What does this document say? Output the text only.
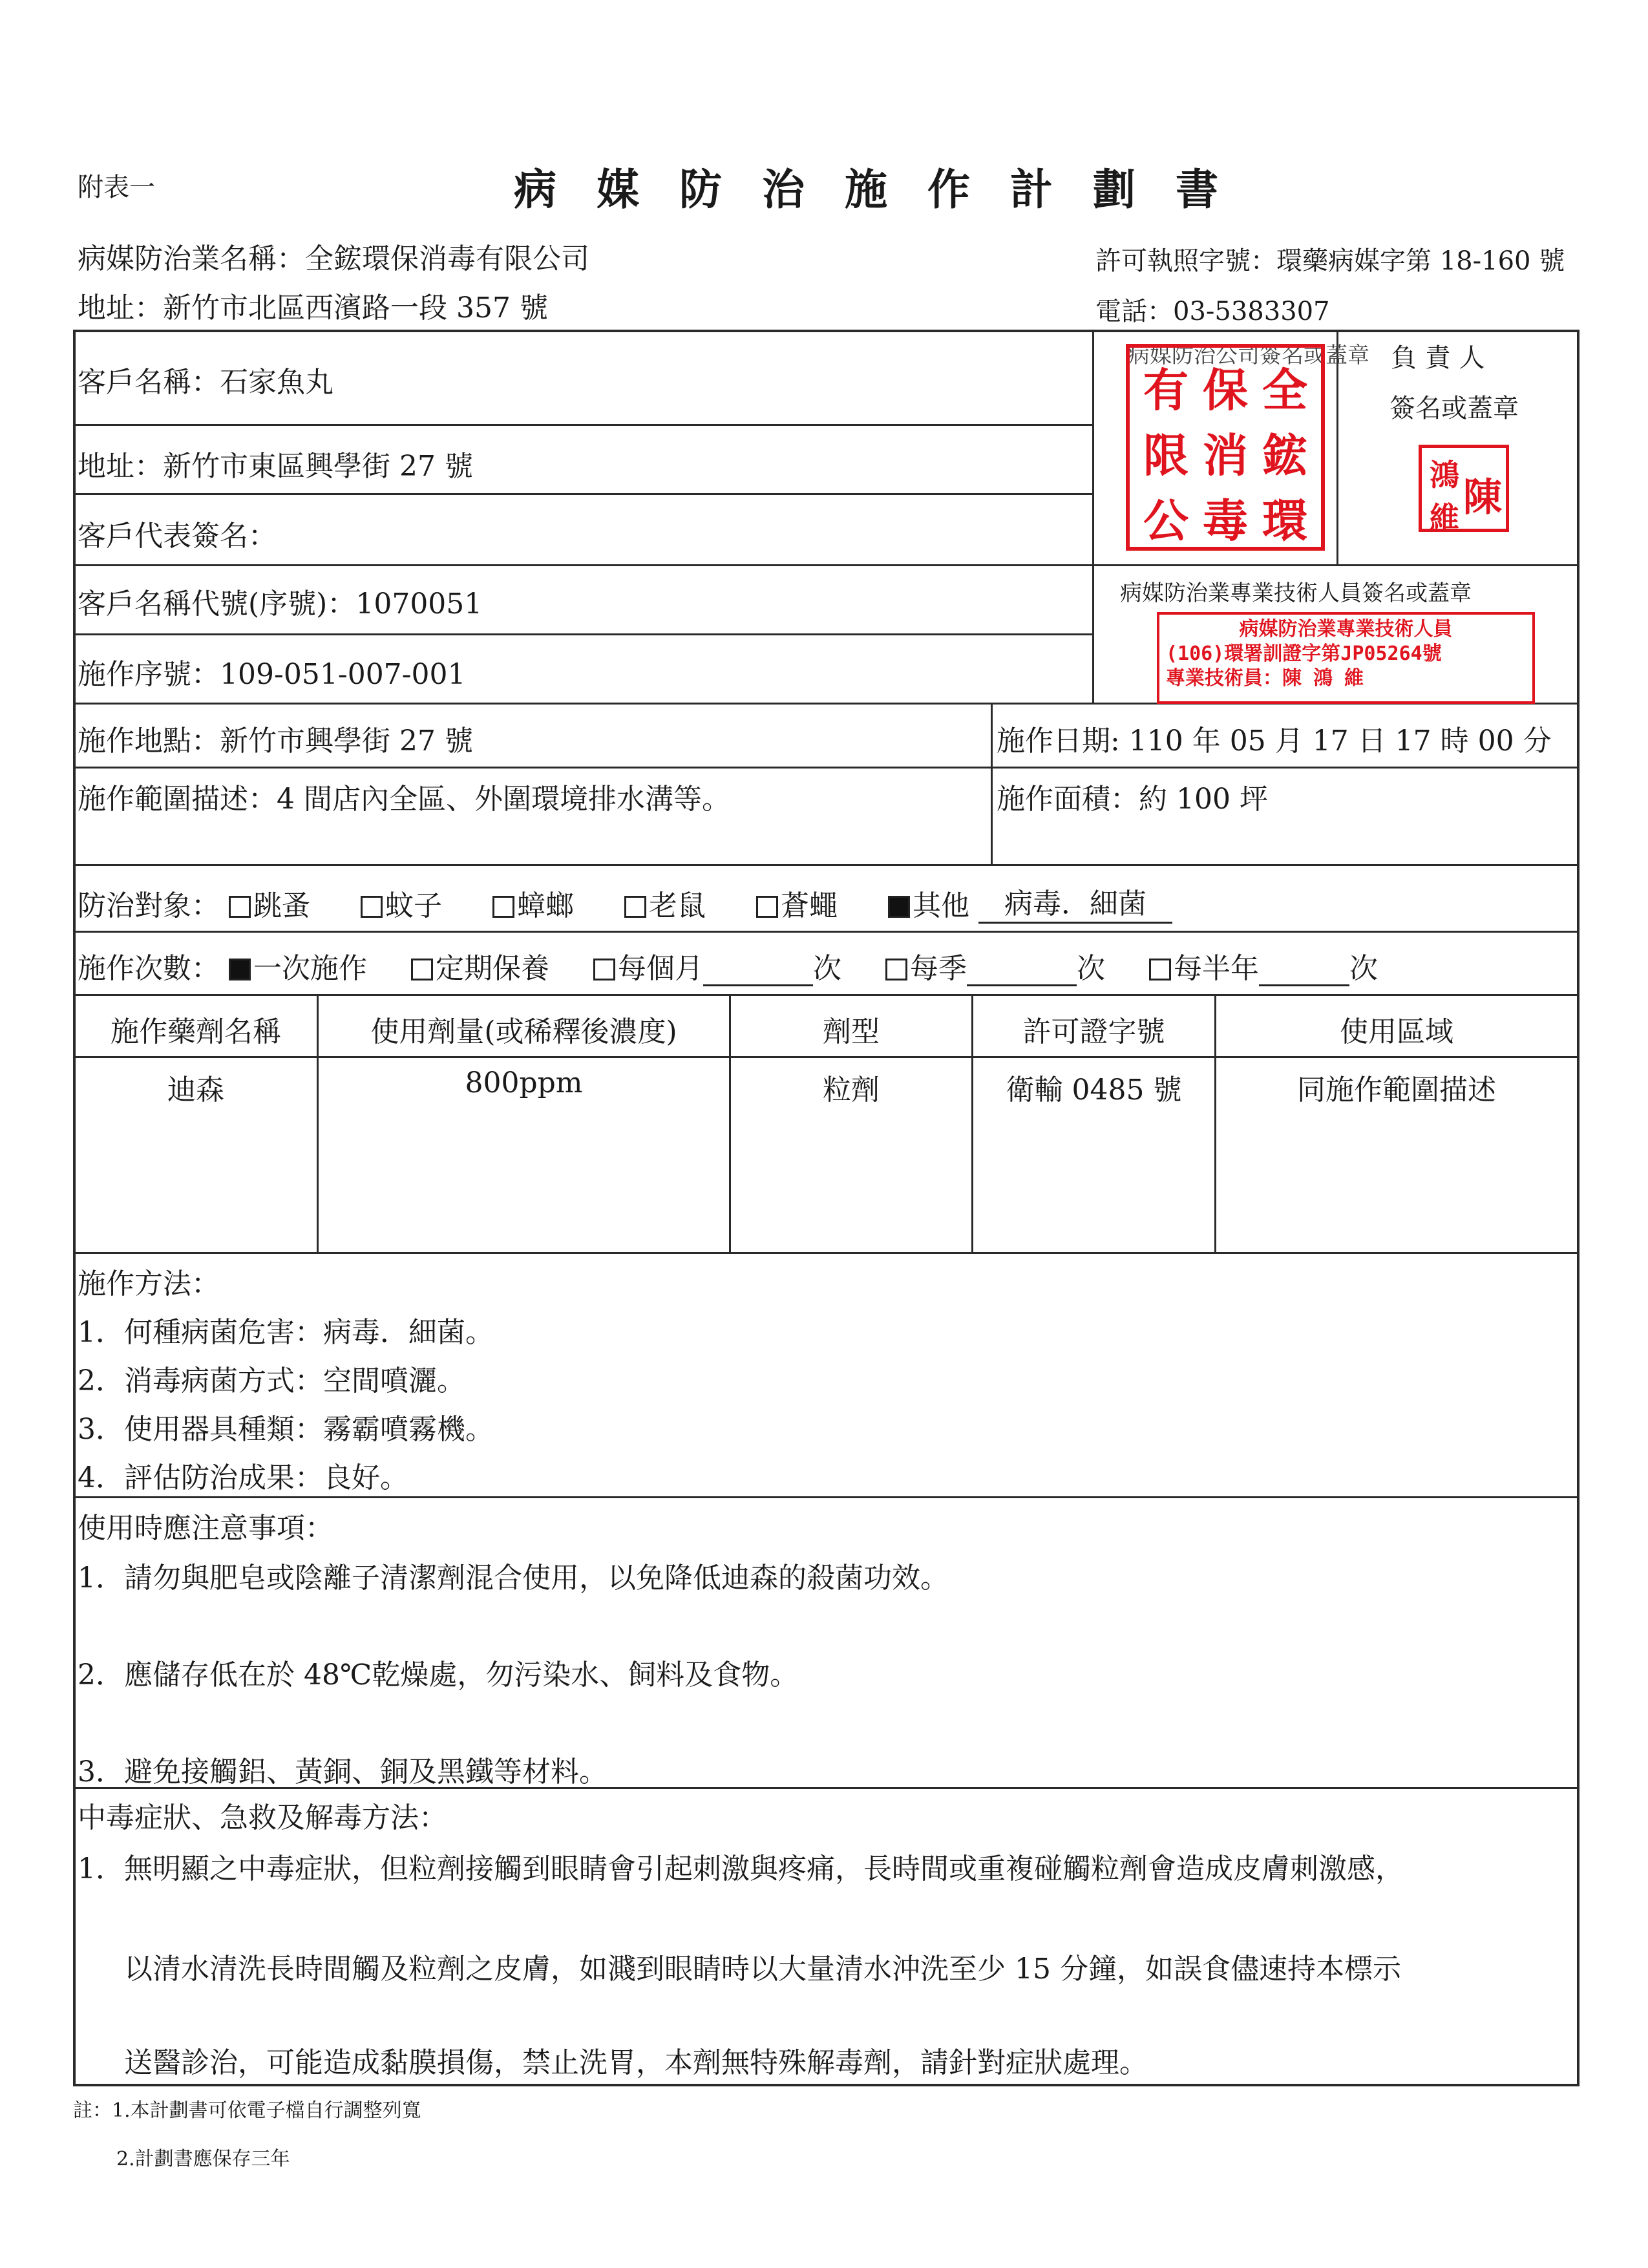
附表一	病媒防治施作計劃書
病媒防治業名稱：全鋐環保消毒有限公司	許可執照字號：環藥病媒字第 18-160 號
地址：新竹市北區西濱路一段 357 號	電話：03-5383307
客戶名稱：石家魚丸
地址：新竹市東區興學街 27 號
客戶代表簽名：
客戶名稱代號(序號)：1070051
施作序號：109-051-007-001
病媒防治公司簽名或蓋章
有 保 全
限 消 鋐
公 毒 環
負 責 人
簽名或蓋章
鴻 陳
維
病媒防治業專業技術人員簽名或蓋章
病媒防治業專業技術人員
(106)環署訓證字第JP05264號
專業技術員：陳 鴻 維
施作地點：新竹市興學街 27 號	施作日期: 110 年 05 月 17 日 17 時 00 分
施作範圍描述：4 間店內全區、外圍環境排水溝等。	施作面積：約 100 坪
防治對象： 跳蚤	蚊子	蟑螂	老鼠	蒼蠅	其他 病毒．細菌
施作次數： 一次施作 定期保養 每個月	次 每季	次 每半年	次
施作藥劑名稱	使用劑量(或稀釋後濃度)	劑型	許可證字號	使用區域
迪森	800ppm	粒劑	衛輸 0485 號	同施作範圍描述
施作方法：
1．何種病菌危害：病毒．細菌。
2．消毒病菌方式：空間噴灑。
3．使用器具種類：霧霸噴霧機。
4．評估防治成果：良好。
使用時應注意事項：
1．請勿與肥皂或陰離子清潔劑混合使用，以免降低迪森的殺菌功效。
2．應儲存低在於 48℃乾燥處，勿污染水、飼料及食物。
3．避免接觸鋁、黃銅、銅及黑鐵等材料。
中毒症狀、急救及解毒方法：
1．無明顯之中毒症狀，但粒劑接觸到眼睛會引起刺激與疼痛，長時間或重複碰觸粒劑會造成皮膚刺激感，
以清水清洗長時間觸及粒劑之皮膚，如濺到眼睛時以大量清水沖洗至少 15 分鐘，如誤食儘速持本標示
送醫診治，可能造成黏膜損傷，禁止洗胃，本劑無特殊解毒劑，請針對症狀處理。
註：1.本計劃書可依電子檔自行調整列寬
2.計劃書應保存三年
